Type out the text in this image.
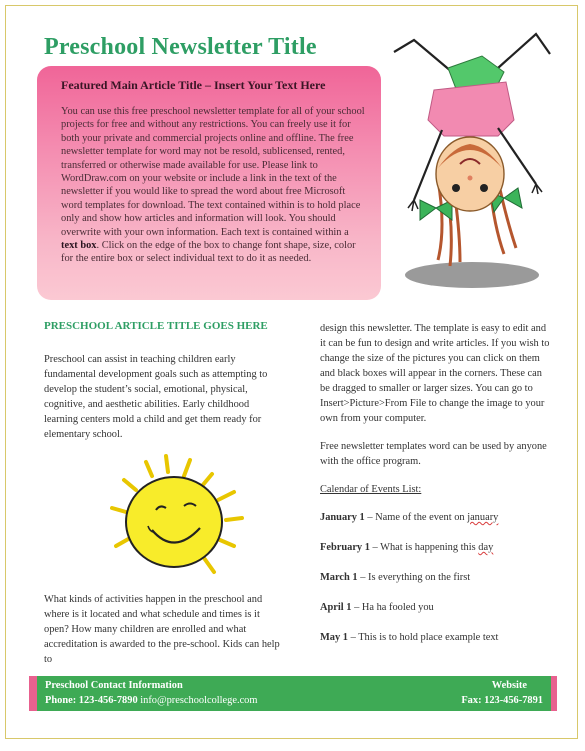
Preschool Newsletter Title
Featured Main Article Title – Insert Your Text Here

You can use this free preschool newsletter template for all of your school projects for free and without any restrictions. You can freely use it for both your private and commercial projects online and offline. The free newsletter template for word may not be resold, sublicensed, rented, transferred or otherwise made available for use. Please link to WordDraw.com on your website or include a link in the text of the newsletter if you would like to spread the word about free Microsoft word templates for download. The text contained within is to hold place only and show how articles and information will look. You should overwrite with your own information. Each text is contained within a text box. Click on the edge of the box to change font shape, size, color for the entire box or select individual text to do it as needed.

PRESCHOOL ARTICLE TITLE GOES HERE

Preschool can assist in teaching children early fundamental development goals such as attempting to develop the student’s social, emotional, physical, cognitive, and aesthetic abilities. Early childhood learning centers mold a child and get them ready for elementary school.

What kinds of activities happen in the preschool and where is it located and what schedule and times is it open? How many children are enrolled and what accreditation is awarded to the pre-school. Kids can help to

design this newsletter. The template is easy to edit and it can be fun to design and write articles. If you wish to change the size of the pictures you can click on them and black boxes will appear in the corners. These can be dragged to smaller or larger sizes. You can go to Insert>Picture>From File to change the image to your own from your computer.

Free newsletter templates word can be used by anyone with the office program.

Calendar of Events List:

January 1 – Name of the event on january

February 1 – What is happening this day

March 1 – Is everything on the first

April 1 – Ha ha fooled you

May 1 – This is to hold place example text

Preschool Contact Information
Phone: 123-456-7890 info@preschoolcollege.com
Website
Fax: 123-456-7891
